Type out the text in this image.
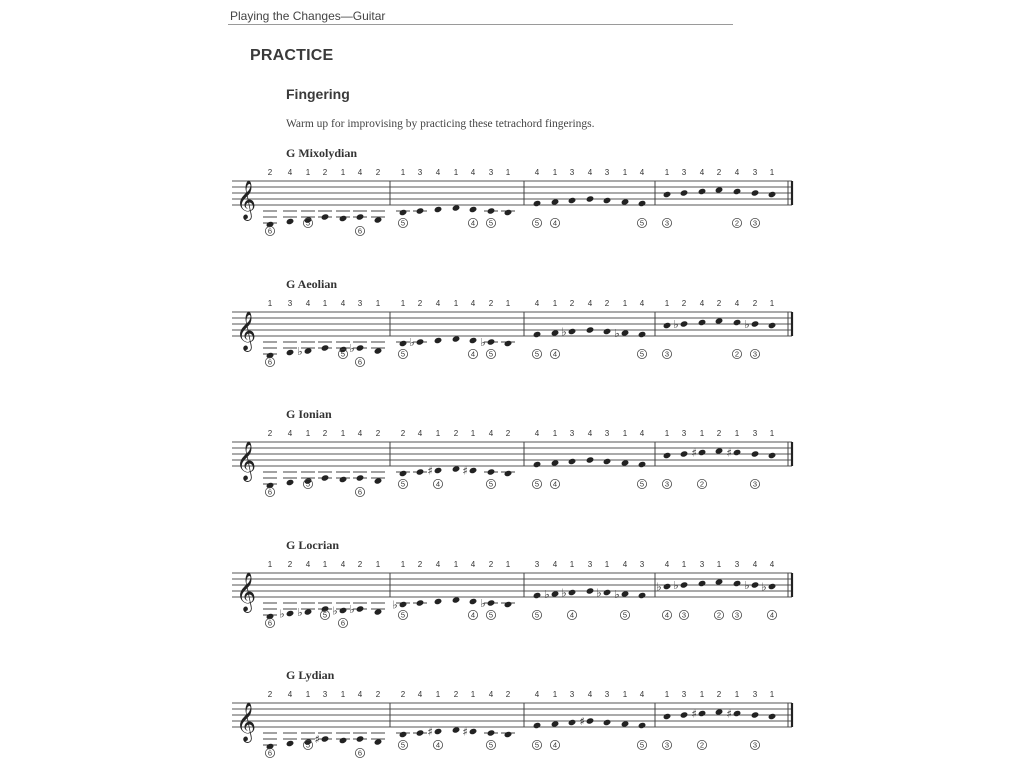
Playing the Changes—Guitar
PRACTICE
Fingering
Warm up for improvising by practicing these tetrachord fingerings.
G Mixolydian
𝄞
2 4 1 2 1 4 2	1 3 4 1 4 3 1	4 1 3 4 3 1 4	1 3 4 2 4 3 1
6
5
6
5	4 5	5 4	5	3	2 3
G Aeolian
𝄞
1 3 4 1 4 3 1	1 2 4 1 4 2 1	4 1 2 4 2 1 4	1 2 4 2 4 2 1
♭	♭	♭	♭
♭	♭
♭	♭
6
5
6
5	4 5	5 4	5	3	2 3
G Ionian
𝄞
2 4 1 2 1 4 2	2 4 1 2 1 4 2	4 1 3 4 3 1 4	1 3 1 2 1 3 1
♯	♯
♯	♯
6
5
6
5	4	5	5 4	5	3	2	3
G Locrian
𝄞
1 2 4 1 4 2 1	1 2 4 1 4 2 1	3 4 1 3 1 4 3	4 1 3 1 3 4 4
♭ ♭	♭ ♭	♭	♭
♭ ♭	♭ ♭
♭ ♭	♭ ♭
6
5
6
5	4 5	5	4	5	4 3	2 3	4
G Lydian
𝄞
2 4 1 3 1 4 2	2 4 1 2 1 4 2	4 1 3 4 3 1 4	1 3 1 2 1 3 1
♯
♯	♯
♯
♯	♯
6
5
6
5	4	5	5 4	5	3	2	3
